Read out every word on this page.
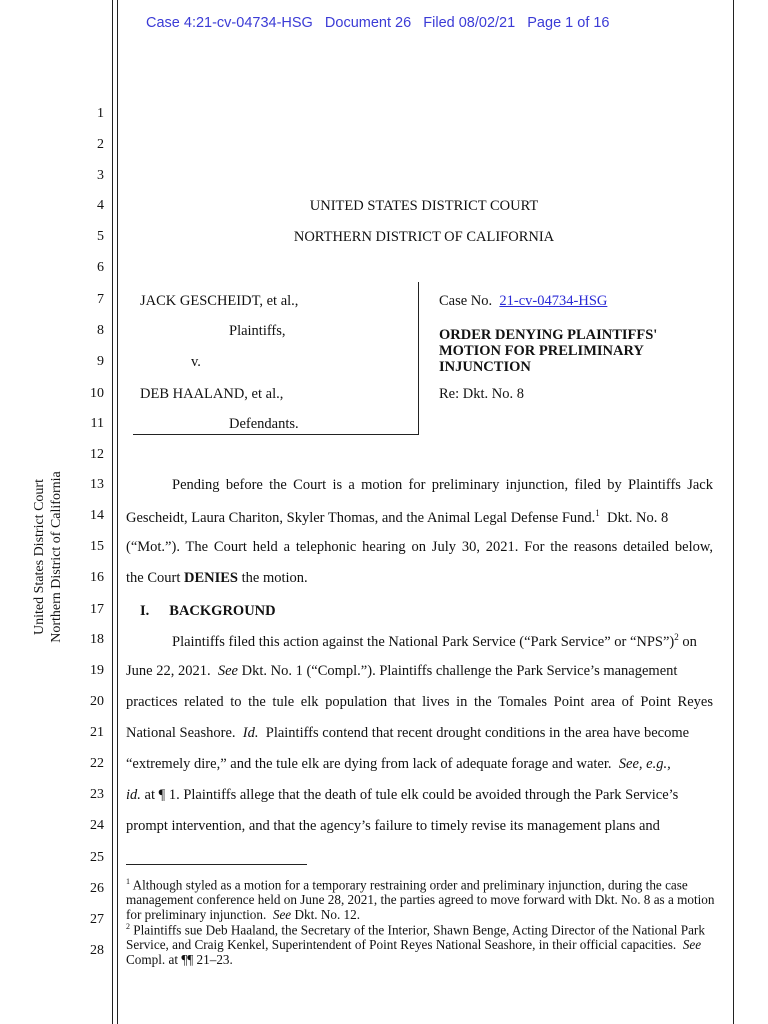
Case 4:21-cv-04734-HSG Document 26 Filed 08/02/21 Page 1 of 16
1
2
3
4
5
6
7
8
9
10
11
12
13
14
15
16
17
18
19
20
21
22
23
24
25
26
27
28
United States District Court Northern District of California
UNITED STATES DISTRICT COURT
NORTHERN DISTRICT OF CALIFORNIA
JACK GESCHEIDT, et al.,
Plaintiffs,
v.
DEB HAALAND, et al.,
Defendants.
Case No. 21-cv-04734-HSG
ORDER DENYING PLAINTIFFS'
MOTION FOR PRELIMINARY
INJUNCTION
Re: Dkt. No. 8
Pending before the Court is a motion for preliminary injunction, filed by Plaintiffs Jack
Gescheidt, Laura Chariton, Skyler Thomas, and the Animal Legal Defense Fund.$^1$ Dkt. No. 8
(“Mot.”). The Court held a telephonic hearing on July 30, 2021. For the reasons detailed below,
the Court DENIES the motion.
I. BACKGROUND
Plaintiffs filed this action against the National Park Service (“Park Service” or “NPS”)$^2$ on
June 22, 2021. See Dkt. No. 1 (“Compl.”). Plaintiffs challenge the Park Service’s management
practices related to the tule elk population that lives in the Tomales Point area of Point Reyes
National Seashore. Id. Plaintiffs contend that recent drought conditions in the area have become
“extremely dire,” and the tule elk are dying from lack of adequate forage and water. See, e.g.,
id. at ¶ 1. Plaintiffs allege that the death of tule elk could be avoided through the Park Service’s
prompt intervention, and that the agency’s failure to timely revise its management plans and
$^1$ Although styled as a motion for a temporary restraining order and preliminary injunction, during the case management conference held on June 28, 2021, the parties agreed to move forward with Dkt. No. 8 as a motion for preliminary injunction. See Dkt. No. 12.
$^2$ Plaintiffs sue Deb Haaland, the Secretary of the Interior, Shawn Benge, Acting Director of the National Park Service, and Craig Kenkel, Superintendent of Point Reyes National Seashore, in their official capacities. See Compl. at ¶¶ 21–23.
